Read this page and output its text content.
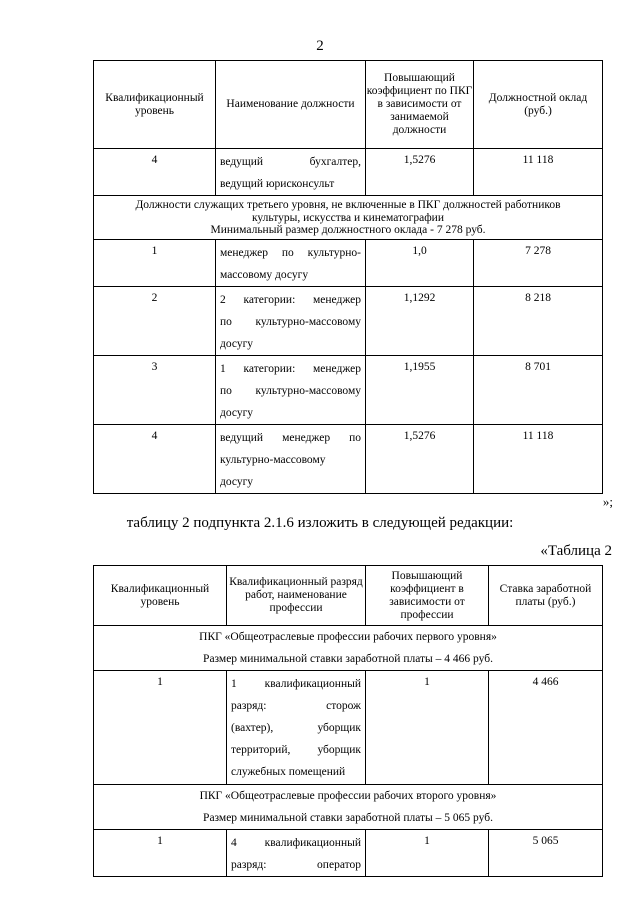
2
Квалификационный уровень	Наименование должности	Повышающий коэффициент по ПКГ в зависимости от занимаемой должности	Должностной оклад (руб.)
4	ведущий бухгалтер,
ведущий юрисконсульт	1,5276	11 118

Должности служащих третьего уровня, не включенные в ПКГ должностей работников
культуры, искусства и кинематографии
Минимальный размер должностного оклада - 7 278 руб.			

1	менеджер по культурно-
массовому досугу	1,0	7 278
2	2 категории: менеджер
по культурно-массовому
досугу	1,1292	8 218
3	1 категории: менеджер
по культурно-массовому
досугу	1,1955	8 701
4	ведущий менеджер по
культурно-массовому
досугу	1,5276	11 118
»;
таблицу 2 подпункта 2.1.6 изложить в следующей редакции:
«Таблица 2
Квалификационный уровень	Квалификационный разряд работ, наименование профессии	Повышающий коэффициент в зависимости от профессии	Ставка заработной платы (руб.)

ПКГ «Общеотраслевые профессии рабочих первого уровня»
Размер минимальной ставки заработной платы – 4 466 руб.			

1	1 квалификационный
разряд: сторож
(вахтер), уборщик
территорий, уборщик
служебных помещений	1	4 466

ПКГ «Общеотраслевые профессии рабочих второго уровня»
Размер минимальной ставки заработной платы – 5 065 руб.			

1	4 квалификационный
разряд: оператор	1	5 065
